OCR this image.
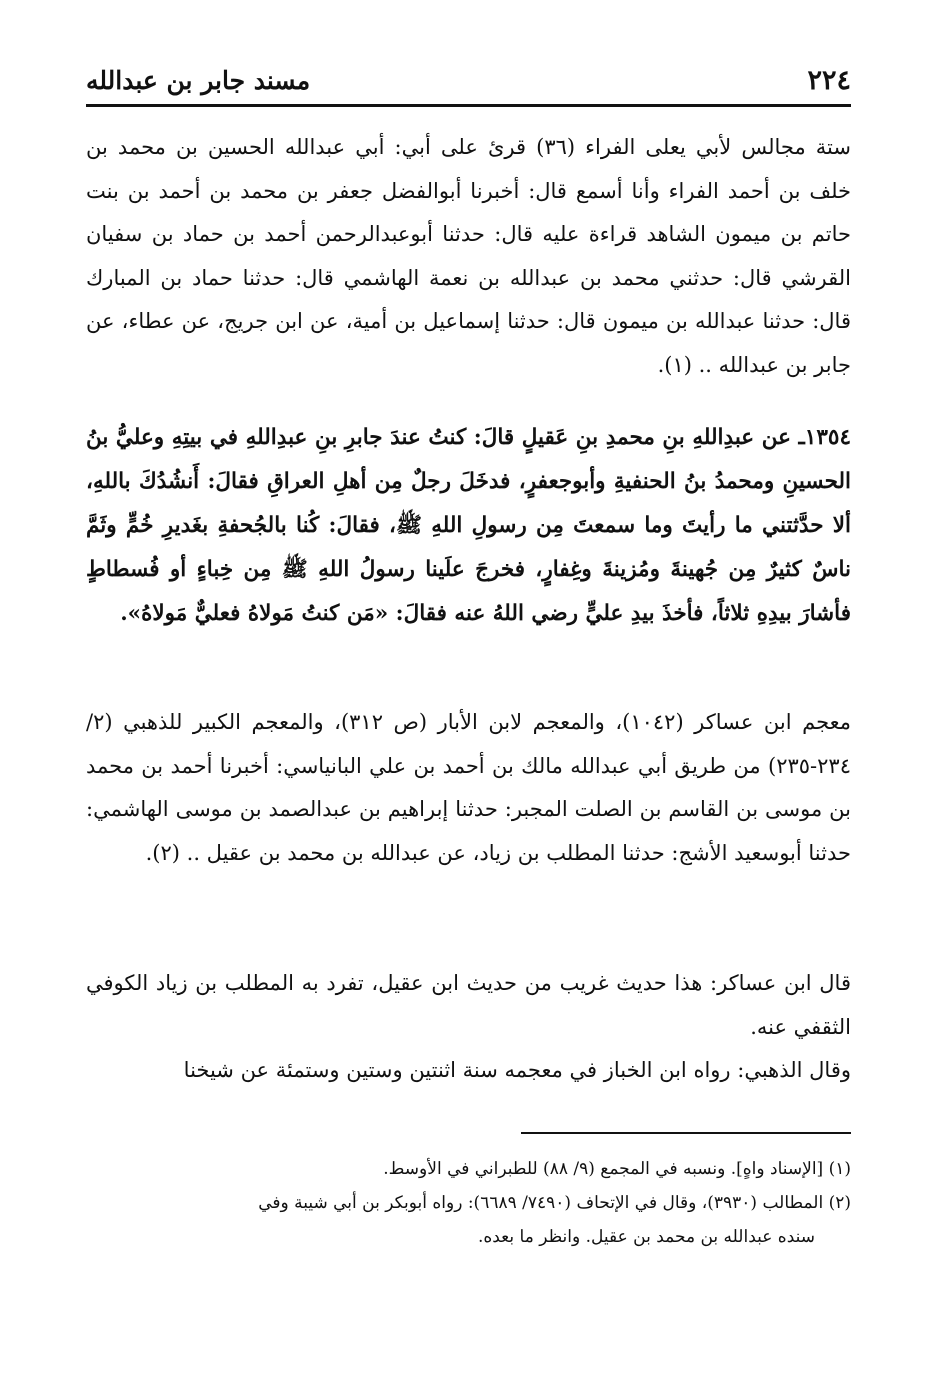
٢٢٤
مسند جابر بن عبدالله

ستة مجالس لأبي يعلى الفراء (٣٦) قرئ على أبي: أبي عبدالله الحسين بن محمد بن خلف بن أحمد الفراء وأنا أسمع قال: أخبرنا أبوالفضل جعفر بن محمد بن أحمد بن بنت حاتم بن ميمون الشاهد قراءة عليه قال: حدثنا أبوعبدالرحمن أحمد بن حماد بن سفيان القرشي قال: حدثني محمد بن عبدالله بن نعمة الهاشمي قال: حدثنا حماد بن المبارك قال: حدثنا عبدالله بن ميمون قال: حدثنا إسماعيل بن أمية، عن ابن جريج، عن عطاء، عن جابر بن عبدالله .. (١).

١٣٥٤ـ عن عبدِاللهِ بنِ محمدِ بنِ عَقيلٍ قالَ: كنتُ عندَ جابرِ بنِ عبدِاللهِ في بيتِهِ وعليُّ بنُ الحسينِ ومحمدُ بنُ الحنفيةِ وأبوجعفرٍ، فدخَلَ رجلٌ مِن أهلِ العراقِ فقالَ: أَنشُدُكَ باللهِ، ألا حدَّثتني ما رأيتَ وما سمعتَ مِن رسولِ اللهِ ﷺ، فقالَ: كُنا بالجُحفةِ بغَديرِ خُمٍّ وثَمَّ ناسٌ كثيرٌ مِن جُهينةَ ومُزينةَ وغِفارٍ، فخرجَ علَينا رسولُ اللهِ ﷺ مِن خِباءٍ أو فُسطاطٍ فأشارَ بيدِهِ ثلاثاً، فأخذَ بيدِ عليٍّ رضي اللهُ عنه فقالَ: «مَن كنتُ مَولاهُ فعليٌّ مَولاهُ».

معجم ابن عساكر (١٠٤٢)، والمعجم لابن الأبار (ص ٣١٢)، والمعجم الكبير للذهبي (٢/ ٢٣٤-٢٣٥) من طريق أبي عبدالله مالك بن أحمد بن علي البانياسي: أخبرنا أحمد بن محمد بن موسى بن القاسم بن الصلت المجبر: حدثنا إبراهيم بن عبدالصمد بن موسى الهاشمي: حدثنا أبوسعيد الأشج: حدثنا المطلب بن زياد، عن عبدالله بن محمد بن عقيل .. (٢).

قال ابن عساكر: هذا حديث غريب من حديث ابن عقيل، تفرد به المطلب بن زياد الكوفي الثقفي عنه.

وقال الذهبي: رواه ابن الخباز في معجمه سنة اثنتين وستين وستمئة عن شيخنا

(١) [الإسناد واهٍ]. ونسبه في المجمع (٩/ ٨٨) للطبراني في الأوسط.

(٢) المطالب (٣٩٣٠)، وقال في الإتحاف (٧٤٩٠/ ٦٦٨٩): رواه أبوبكر بن أبي شيبة وفي

سنده عبدالله بن محمد بن عقيل. وانظر ما بعده.
